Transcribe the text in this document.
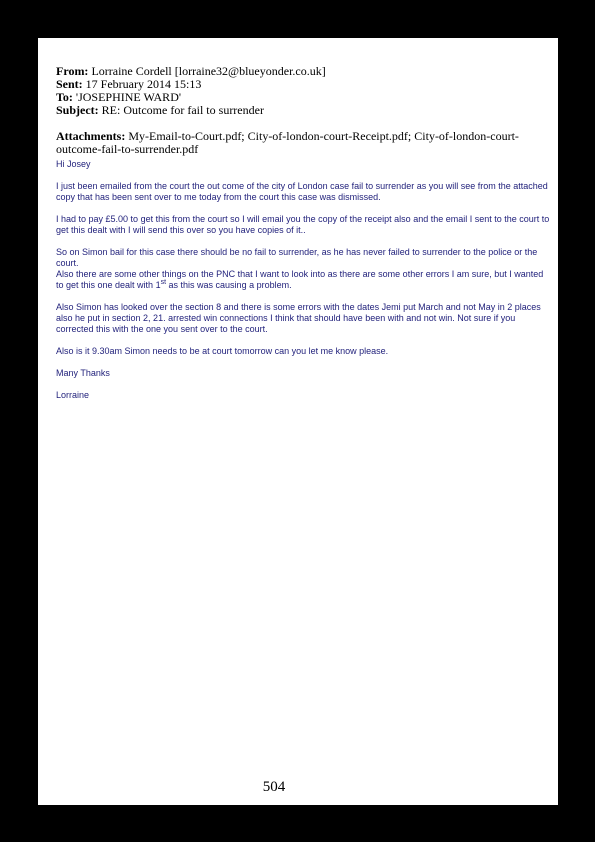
From: Lorraine Cordell [lorraine32@blueyonder.co.uk]
Sent: 17 February 2014 15:13
To: 'JOSEPHINE WARD'
Subject: RE: Outcome for fail to surrender
Attachments: My-Email-to-Court.pdf; City-of-london-court-Receipt.pdf; City-of-london-court-outcome-fail-to-surrender.pdf

Hi Josey

I just been emailed from the court the out come of the city of London case fail to surrender as you will see from the attached copy that has been sent over to me today from the court this case was dismissed.

I had to pay £5.00 to get this from the court so I will email you the copy of the receipt also and the email I sent to the court to get this dealt with I will send this over so you have copies of it..

So on Simon bail for this case there should be no fail to surrender, as he has never failed to surrender to the police or the court.

Also there are some other things on the PNC that I want to look into as there are some other errors I am sure, but I wanted to get this one dealt with 1st as this was causing a problem.

Also Simon has looked over the section 8 and there is some errors with the dates Jemi put March and not May in 2 places also he put in section 2, 21. arrested win connections I think that should have been with and not win. Not sure if you corrected this with the one you sent over to the court.

Also is it 9.30am Simon needs to be at court tomorrow can you let me know please.

Many Thanks

Lorraine

504
